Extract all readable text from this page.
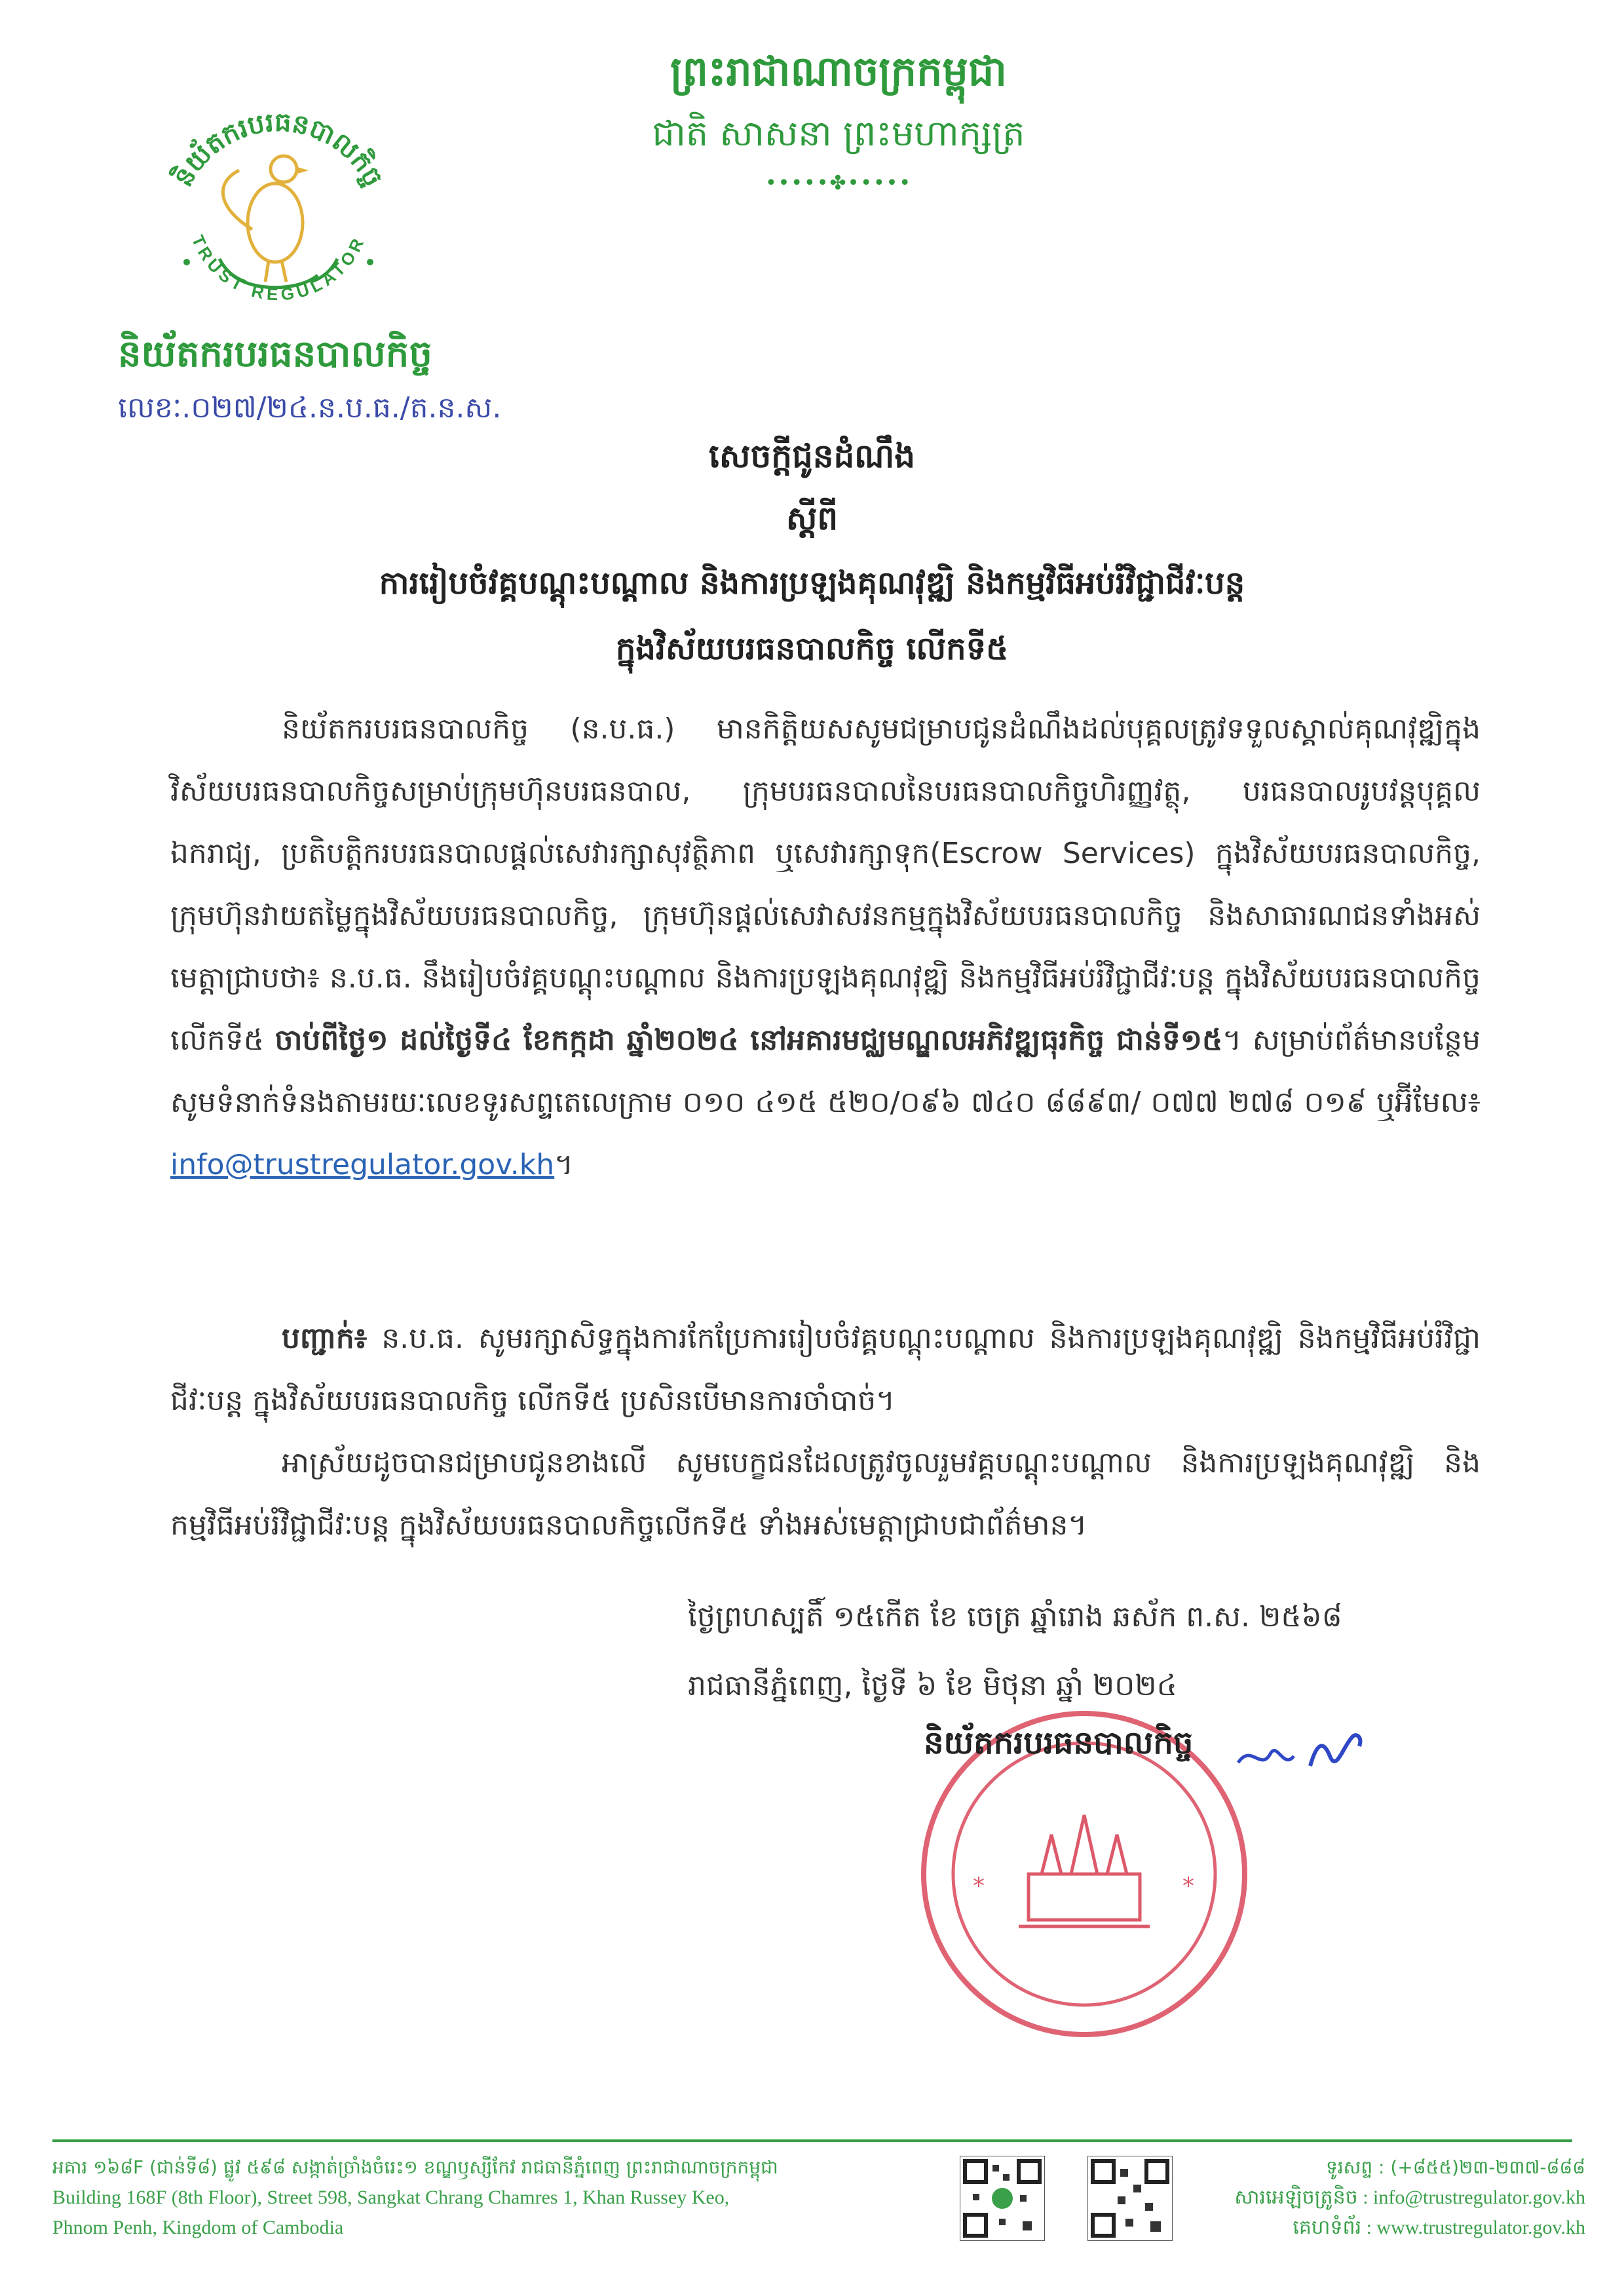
ព្រះរាជាណាចក្រកម្ពុជា
ជាតិ សាសនា ព្រះមហាក្សត្រ
•••••✤•••••
និយ័តករបរធនបាលកិច្ច
TRUST REGULATOR
និយ័តករបរធនបាលកិច្ច
លេខៈ.០២៧/២៤.ន.ប.ធ./ត.ន.ស.
សេចក្តីជូនដំណឹង
ស្តីពី
ការរៀបចំវគ្គបណ្តុះបណ្តាល និងការប្រឡងគុណវុឌ្ឍិ និងកម្មវិធីអប់រំវិជ្ជាជីវៈបន្ត
ក្នុងវិស័យបរធនបាលកិច្ច លើកទី៥

និយ័តករបរធនបាលកិច្ច (ន.ប.ធ.) មានកិត្តិយសសូមជម្រាបជូនដំណឹងដល់បុគ្គលត្រូវទទួលស្គាល់គុណវុឌ្ឍិក្នុងវិស័យបរធនបាលកិច្ចសម្រាប់ក្រុមហ៊ុនបរធនបាល, ក្រុមបរធនបាលនៃបរធនបាលកិច្ចហិរញ្ញវត្ថុ, បរធនបាលរូបវន្តបុគ្គលឯករាជ្យ, ប្រតិបត្តិករបរធនបាលផ្តល់សេវារក្សាសុវត្ថិភាព ឬសេវារក្សាទុក(Escrow Services) ក្នុងវិស័យបរធនបាលកិច្ច, ក្រុមហ៊ុនវាយតម្លៃក្នុងវិស័យបរធនបាលកិច្ច, ក្រុមហ៊ុនផ្តល់សេវាសវនកម្មក្នុងវិស័យបរធនបាលកិច្ច និងសាធារណជនទាំងអស់មេត្តាជ្រាបថា៖ ន.ប.ធ. នឹងរៀបចំវគ្គបណ្តុះបណ្តាល និងការប្រឡងគុណវុឌ្ឍិ និងកម្មវិធីអប់រំវិជ្ជាជីវៈបន្ត ក្នុងវិស័យបរធនបាលកិច្ច លើកទី៥ ចាប់ពីថ្ងៃ១ ដល់ថ្ងៃទី៤ ខែកក្កដា ឆ្នាំ២០២៤ នៅអគារមជ្ឈមណ្ឌលអភិវឌ្ឍធុរកិច្ច ជាន់ទី១៥។ សម្រាប់ព័ត៌មានបន្ថែម សូមទំនាក់ទំនងតាមរយៈលេខទូរសព្ទតេលេក្រាម ០១០ ៤១៥ ៥២០/០៩៦ ៧៤០ ៨៨៩៣/ ០៧៧ ២៧៨ ០១៩ ឬអ៊ីមែល៖ info@trustregulator.gov.kh។

បញ្ជាក់៖ ន.ប.ធ. សូមរក្សាសិទ្ធក្នុងការកែប្រែការរៀបចំវគ្គបណ្តុះបណ្តាល និងការប្រឡងគុណវុឌ្ឍិ និងកម្មវិធីអប់រំវិជ្ជាជីវៈបន្ត ក្នុងវិស័យបរធនបាលកិច្ច លើកទី៥ ប្រសិនបើមានការចាំបាច់។

អាស្រ័យដូចបានជម្រាបជូនខាងលើ សូមបេក្ខជនដែលត្រូវចូលរួមវគ្គបណ្តុះបណ្តាល និងការប្រឡងគុណវុឌ្ឍិ និងកម្មវិធីអប់រំវិជ្ជាជីវៈបន្ត ក្នុងវិស័យបរធនបាលកិច្ចលើកទី៥ ទាំងអស់មេត្តាជ្រាបជាព័ត៌មាន។

ថ្ងៃព្រហស្បតិ៍ ១៥កើត ខែ ចេត្រ ឆ្នាំរោង ឆស័ក ព.ស. ២៥៦៨
រាជធានីភ្នំពេញ, ថ្ងៃទី ៦ ខែ មិថុនា ឆ្នាំ ២០២៤
*	*
និយ័តករបរធនបាលកិច្ច
អគារ ១៦៨F (ជាន់ទី៨) ផ្លូវ ៥៩៨ សង្កាត់ច្រាំងចំរេះ១ ខណ្ឌឫស្សីកែវ រាជធានីភ្នំពេញ ព្រះរាជាណាចក្រកម្ពុជា
Building 168F (8th Floor), Street 598, Sangkat Chrang Chamres 1, Khan Russey Keo,
Phnom Penh, Kingdom of Cambodia
ទូរសព្ទ : (+៨៥៥)២៣-២៣៧-៨៨៨
សារអេឡិចត្រូនិច : info@trustregulator.gov.kh
គេហទំព័រ : www.trustregulator.gov.kh
